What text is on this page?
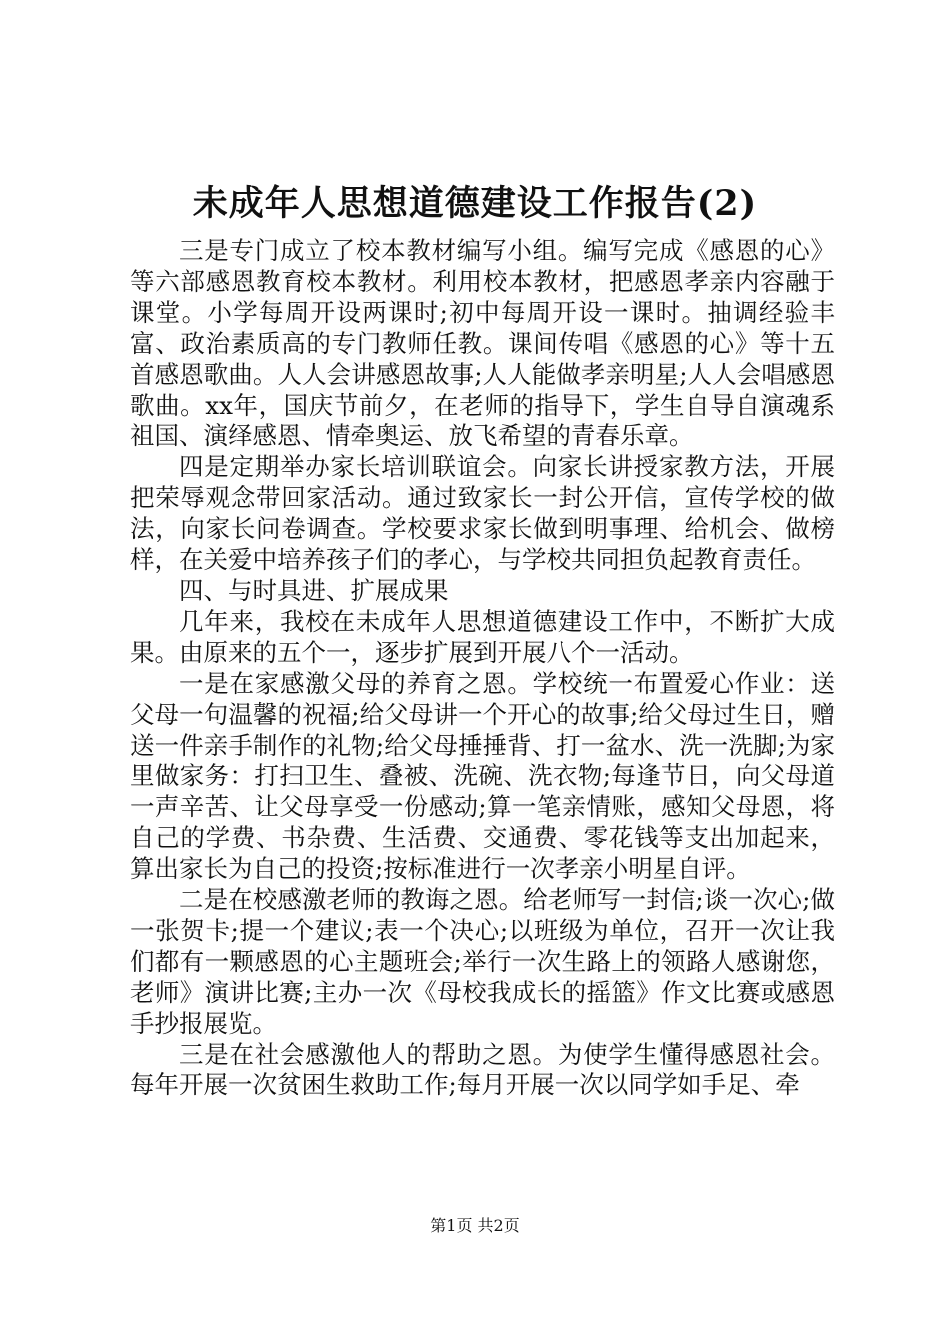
未成年人思想道德建设工作报告(2)

三是专门成立了校本教材编写小组。编写完成《感恩的心》等六部感恩教育校本教材。利用校本教材，把感恩孝亲内容融于课堂。小学每周开设两课时;初中每周开设一课时。抽调经验丰富、政治素质高的专门教师任教。课间传唱《感恩的心》等十五首感恩歌曲。人人会讲感恩故事;人人能做孝亲明星;人人会唱感恩歌曲。xx年，国庆节前夕，在老师的指导下，学生自导自演魂系祖国、演绎感恩、情牵奥运、放飞希望的青春乐章。

四是定期举办家长培训联谊会。向家长讲授家教方法，开展把荣辱观念带回家活动。通过致家长一封公开信，宣传学校的做法，向家长问卷调查。学校要求家长做到明事理、给机会、做榜样，在关爱中培养孩子们的孝心，与学校共同担负起教育责任。

四、与时具进、扩展成果

几年来，我校在未成年人思想道德建设工作中，不断扩大成果。由原来的五个一，逐步扩展到开展八个一活动。

一是在家感激父母的养育之恩。学校统一布置爱心作业：送父母一句温馨的祝福;给父母讲一个开心的故事;给父母过生日，赠送一件亲手制作的礼物;给父母捶捶背、打一盆水、洗一洗脚;为家里做家务：打扫卫生、叠被、洗碗、洗衣物;每逢节日，向父母道一声辛苦、让父母享受一份感动;算一笔亲情账，感知父母恩，将自己的学费、书杂费、生活费、交通费、零花钱等支出加起来，算出家长为自己的投资;按标准进行一次孝亲小明星自评。

二是在校感激老师的教诲之恩。给老师写一封信;谈一次心;做一张贺卡;提一个建议;表一个决心;以班级为单位，召开一次让我们都有一颗感恩的心主题班会;举行一次生路上的领路人感谢您，老师》演讲比赛;主办一次《母校我成长的摇篮》作文比赛或感恩手抄报展览。

三是在社会感激他人的帮助之恩。为使学生懂得感恩社会。每年开展一次贫困生救助工作;每月开展一次以同学如手足、牵

第1页 共2页
